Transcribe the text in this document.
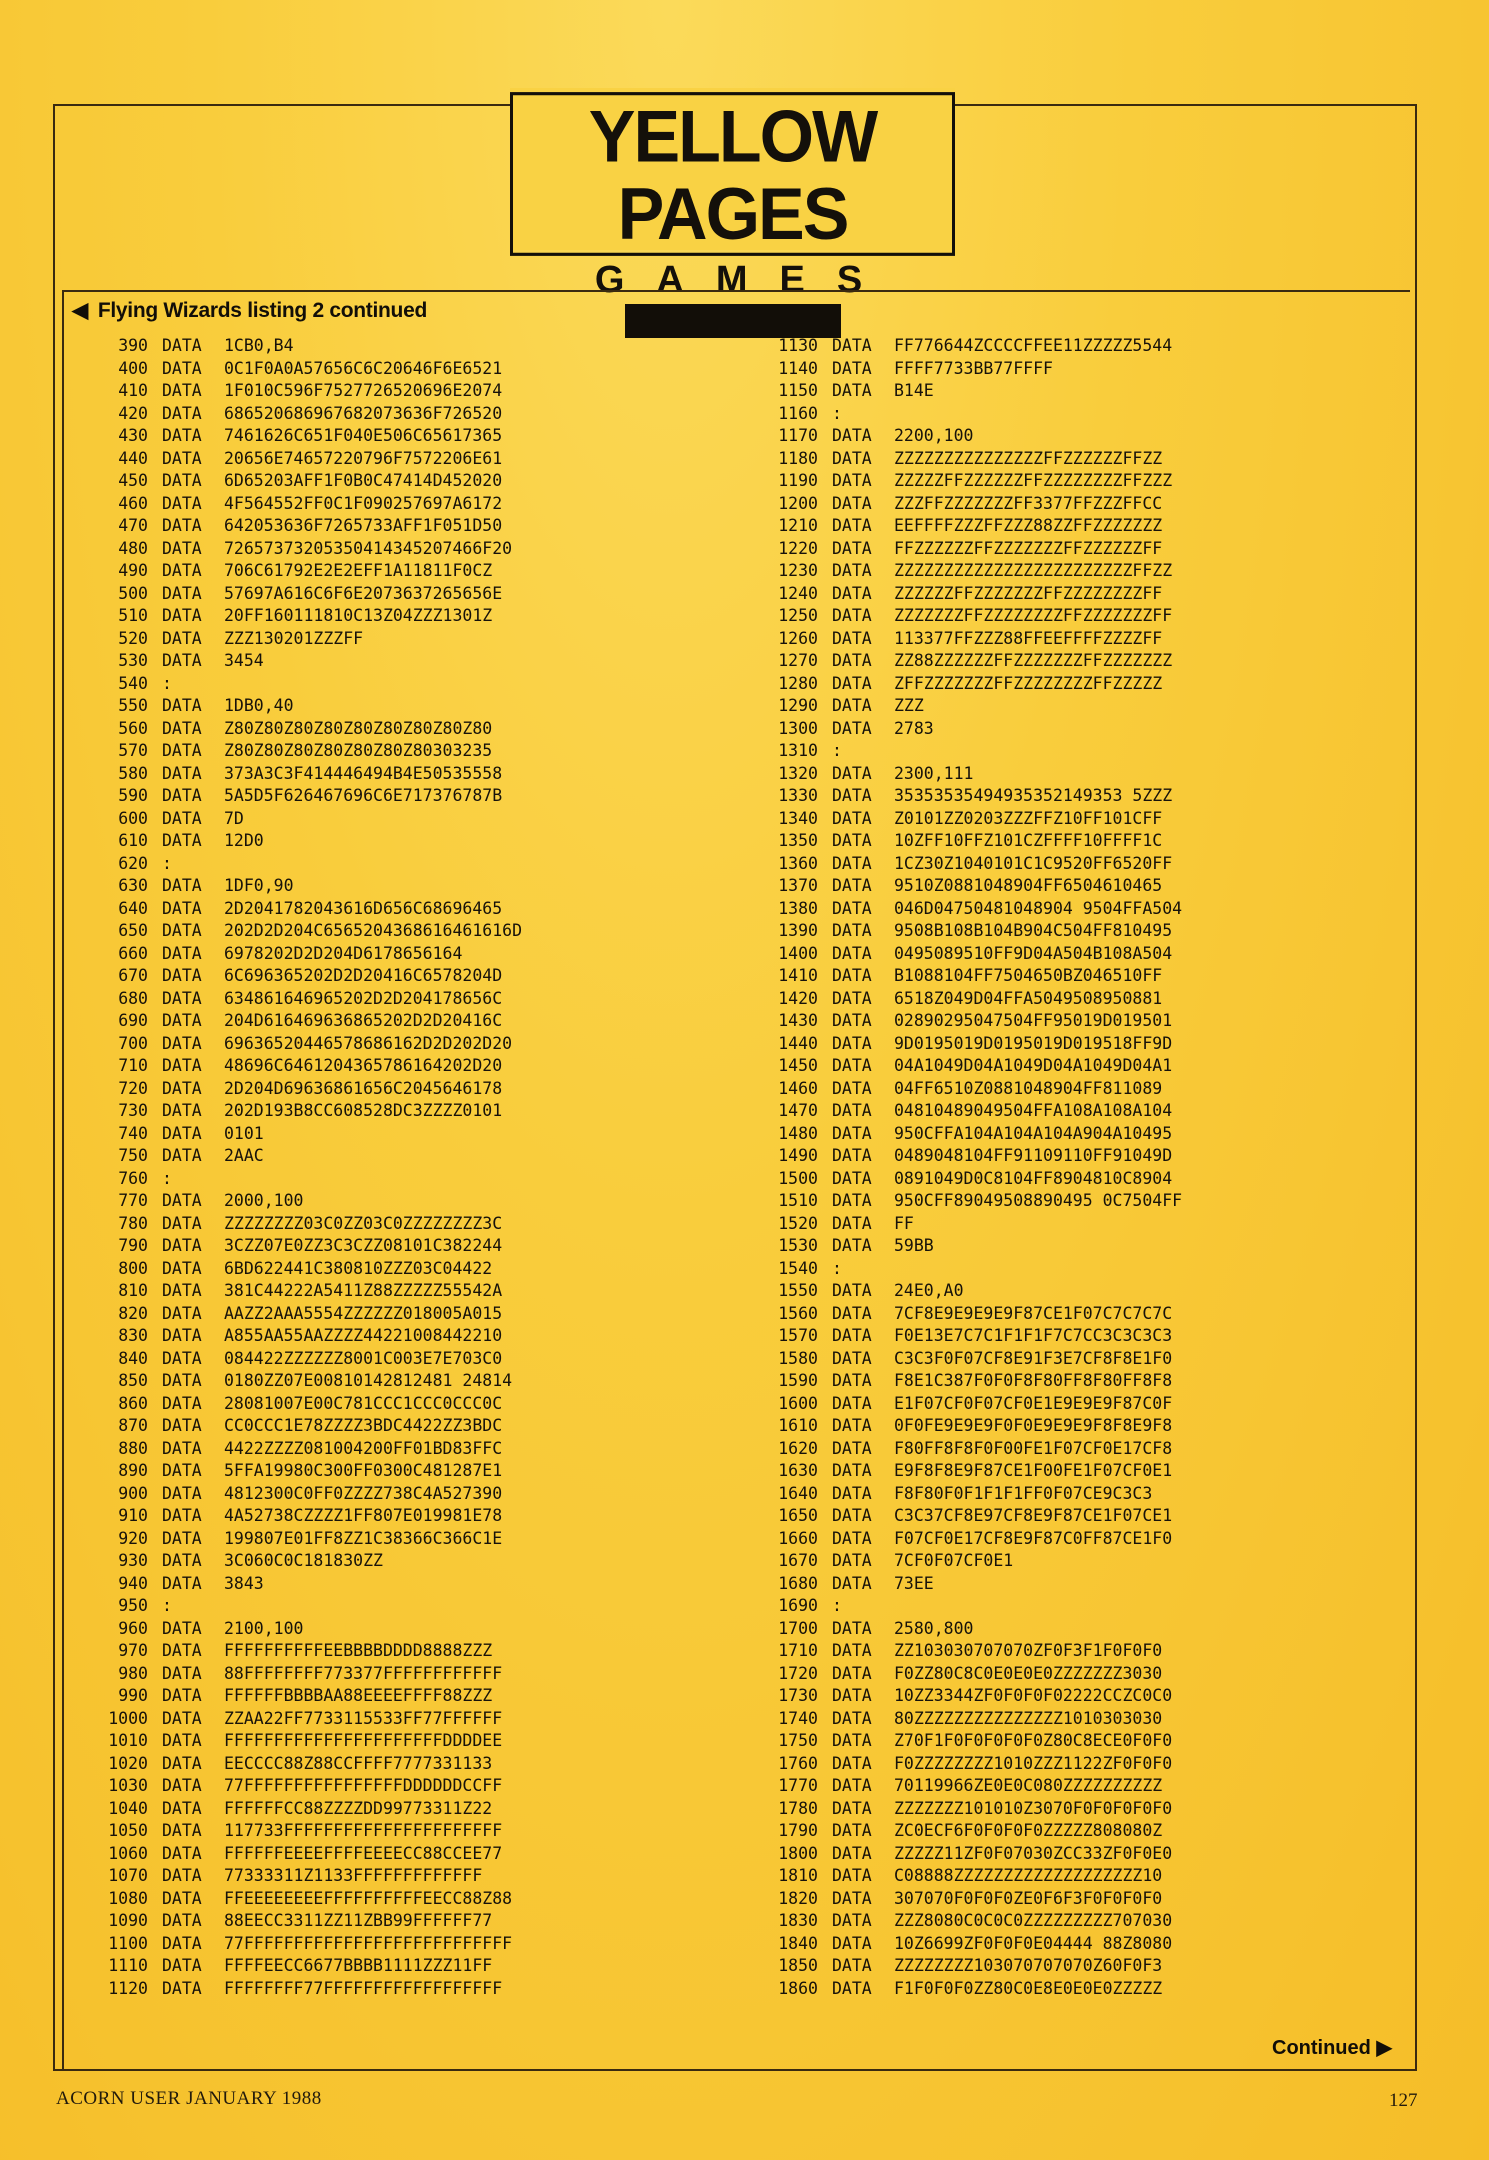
YELLOW PAGES
GAMES
◀ Flying Wizards listing 2 continued
390 DATA 1CB0,B4
400 DATA 0C1F0A0A57656C6C20646F6E6521
410 DATA 1F010C596F7527726520696E2074
420 DATA 686520686967682073636F726520
430 DATA 7461626C651F040E506C65617365
440 DATA 20656E74657220796F7572206E61
450 DATA 6D65203AFF1F0B0C47414D452020
460 DATA 4F564552FF0C1F090257697A6172
470 DATA 642053636F7265733AFF1F051D50
480 DATA 72657373205350414345207466F20
490 DATA 706C61792E2E2EFF1A11811F0CZ
500 DATA 57697A616C6F6E2073637265656E
510 DATA 20FF160111810C13Z04ZZZ1301Z
520 DATA ZZZ130201ZZZFF
530 DATA 3454
540 :
550 DATA 1DB0,40
560 DATA Z80Z80Z80Z80Z80Z80Z80Z80Z80
570 DATA Z80Z80Z80Z80Z80Z80Z80303235
580 DATA 373A3C3F414446494B4E50535558
590 DATA 5A5D5F626467696C6E717376787B
600 DATA 7D
610 DATA 12D0
620 :
630 DATA 1DF0,90
640 DATA 2D2041782043616D656C68696465
650 DATA 202D2D204C6565204368616461616D
660 DATA 6978202D2D204D6178656164
670 DATA 6C696365202D2D20416C6578204D
680 DATA 634861646965202D2D204178656C
690 DATA 204D616469636865202D2D20416C
700 DATA 69636520446578686162D2D202D20
710 DATA 48696C6461204365786164202D20
720 DATA 2D204D69636861656C2045646178
730 DATA 202D193B8CC608528DC3ZZZZ0101
740 DATA 0101
750 DATA 2AAC
760 :
770 DATA 2000,100
780 DATA ZZZZZZZZ03C0ZZ03C0ZZZZZZZZ3C
790 DATA 3CZZ07E0ZZ3C3CZZ08101C382244
800 DATA 6BD622441C380810ZZZ03C04422
810 DATA 381C44222A5411Z88ZZZZZ55542A
820 DATA AAZZ2AAA5554ZZZZZZ018005A015
830 DATA A855AA55AAZZZZ44221008442210
840 DATA 084422ZZZZZZ8001C003E7E703C0
850 DATA 0180ZZ07E00810142812481 24814
860 DATA 28081007E00C781CCC1CCC0CCC0C
870 DATA CC0CCC1E78ZZZZ3BDC4422ZZ3BDC
880 DATA 4422ZZZZ081004200FF01BD83FFC
890 DATA 5FFA19980C300FF0300C481287E1
900 DATA 4812300C0FF0ZZZZ738C4A527390
910 DATA 4A52738CZZZZ1FF807E019981E78
920 DATA 199807E01FF8ZZ1C38366C366C1E
930 DATA 3C060C0C181830ZZ
940 DATA 3843
950 :
960 DATA 2100,100
970 DATA FFFFFFFFFFEEBBBBDDDD8888ZZZ
980 DATA 88FFFFFFFF773377FFFFFFFFFFFF
990 DATA FFFFFFBBBBAA88EEEEFFFF88ZZZ
1000 DATA ZZAA22FF7733115533FF77FFFFFF
1010 DATA FFFFFFFFFFFFFFFFFFFFFFDDDDEE
1020 DATA EECCCC88Z88CCFFFF7777331133
1030 DATA 77FFFFFFFFFFFFFFFFDDDDDDCCFF
1040 DATA FFFFFFCC88ZZZZDD99773311Z22
1050 DATA 117733FFFFFFFFFFFFFFFFFFFFFF
1060 DATA FFFFFFEEEEFFFFEEEECC88CCEE77
1070 DATA 77333311Z1133FFFFFFFFFFFFF
1080 DATA FFEEEEEEEEFFFFFFFFFFEECC88Z88
1090 DATA 88EECC3311ZZ11ZBB99FFFFFF77
1100 DATA 77FFFFFFFFFFFFFFFFFFFFFFFFFFF
1110 DATA FFFFEECC6677BBBB1111ZZZ11FF
1120 DATA FFFFFFFF77FFFFFFFFFFFFFFFFFF
1130 DATA FF776644ZCCCCFFEE11ZZZZZ5544
1140 DATA FFFF7733BB77FFFF
1150 DATA B14E
1160 :
1170 DATA 2200,100
1180 DATA ZZZZZZZZZZZZZZZFFZZZZZZFFZZ
1190 DATA ZZZZZFFZZZZZZFFZZZZZZZZFFZZZ
1200 DATA ZZZFFZZZZZZZFF3377FFZZZFFCC
1210 DATA EEFFFFZZZFFZZZ88ZZFFZZZZZZZ
1220 DATA FFZZZZZZFFZZZZZZZFFZZZZZZFF
1230 DATA ZZZZZZZZZZZZZZZZZZZZZZZZFFZZ
1240 DATA ZZZZZZFFZZZZZZZFFZZZZZZZZFF
1250 DATA ZZZZZZZFFZZZZZZZZFFZZZZZZZFF
1260 DATA 113377FFZZZ88FFEEFFFFZZZZFF
1270 DATA ZZ88ZZZZZZFFZZZZZZZFFZZZZZZZ
1280 DATA ZFFZZZZZZZFFZZZZZZZZFFZZZZZ
1290 DATA ZZZ
1300 DATA 2783
1310 :
1320 DATA 2300,111
1330 DATA 35353535494935352149353 5ZZZ
1340 DATA Z0101ZZ0203ZZZFFZ10FF101CFF
1350 DATA 10ZFF10FFZ101CZFFFF10FFFF1C
1360 DATA 1CZ30Z1040101C1C9520FF6520FF
1370 DATA 9510Z0881048904FF6504610465
1380 DATA 046D04750481048904 9504FFA504
1390 DATA 9508B108B104B904C504FF810495
1400 DATA 0495089510FF9D04A504B108A504
1410 DATA B1088104FF7504650BZ046510FF
1420 DATA 6518Z049D04FFA5049508950881
1430 DATA 02890295047504FF95019D019501
1440 DATA 9D0195019D0195019D019518FF9D
1450 DATA 04A1049D04A1049D04A1049D04A1
1460 DATA 04FF6510Z0881048904FF811089
1470 DATA 04810489049504FFA108A108A104
1480 DATA 950CFFA104A104A104A904A10495
1490 DATA 0489048104FF91109110FF91049D
1500 DATA 0891049D0C8104FF8904810C8904
1510 DATA 950CFF89049508890495 0C7504FF
1520 DATA FF
1530 DATA 59BB
1540 :
1550 DATA 24E0,A0
1560 DATA 7CF8E9E9E9E9F87CE1F07C7C7C7C
1570 DATA F0E13E7C7C1F1F1F7C7CC3C3C3C3
1580 DATA C3C3F0F07CF8E91F3E7CF8F8E1F0
1590 DATA F8E1C387F0F0F8F80FF8F80FF8F8
1600 DATA E1F07CF0F07CF0E1E9E9E9F87C0F
1610 DATA 0F0FE9E9E9F0F0E9E9E9F8F8E9F8
1620 DATA F80FF8F8F0F00FE1F07CF0E17CF8
1630 DATA E9F8F8E9F87CE1F00FE1F07CF0E1
1640 DATA F8F80F0F1F1F1FF0F07CE9C3C3
1650 DATA C3C37CF8E97CF8E9F87CE1F07CE1
1660 DATA F07CF0E17CF8E9F87C0FF87CE1F0
1670 DATA 7CF0F07CF0E1
1680 DATA 73EE
1690 :
1700 DATA 2580,800
1710 DATA ZZ103030707070ZF0F3F1F0F0F0
1720 DATA F0ZZ80C8C0E0E0E0ZZZZZZZ3030
1730 DATA 10ZZ3344ZF0F0F0F02222CCZC0C0
1740 DATA 80ZZZZZZZZZZZZZZZ1010303030
1750 DATA Z70F1F0F0F0F0F0Z80C8ECE0F0F0
1760 DATA F0ZZZZZZZZ1010ZZZ1122ZF0F0F0
1770 DATA 70119966ZE0E0C080ZZZZZZZZZZ
1780 DATA ZZZZZZZ101010Z3070F0F0F0F0F0
1790 DATA ZC0ECF6F0F0F0F0ZZZZZ808080Z
1800 DATA ZZZZZ11ZF0F07030ZCC33ZF0F0E0
1810 DATA C08888ZZZZZZZZZZZZZZZZZZZ10
1820 DATA 307070F0F0F0ZE0F6F3F0F0F0F0
1830 DATA ZZZ8080C0C0C0ZZZZZZZZZ707030
1840 DATA 10Z6699ZF0F0F0E04444 88Z8080
1850 DATA ZZZZZZZZ103070707070Z60F0F3
1860 DATA F1F0F0F0ZZ80C0E8E0E0E0ZZZZZ
Continued ▶
ACORN USER JANUARY 1988	127
